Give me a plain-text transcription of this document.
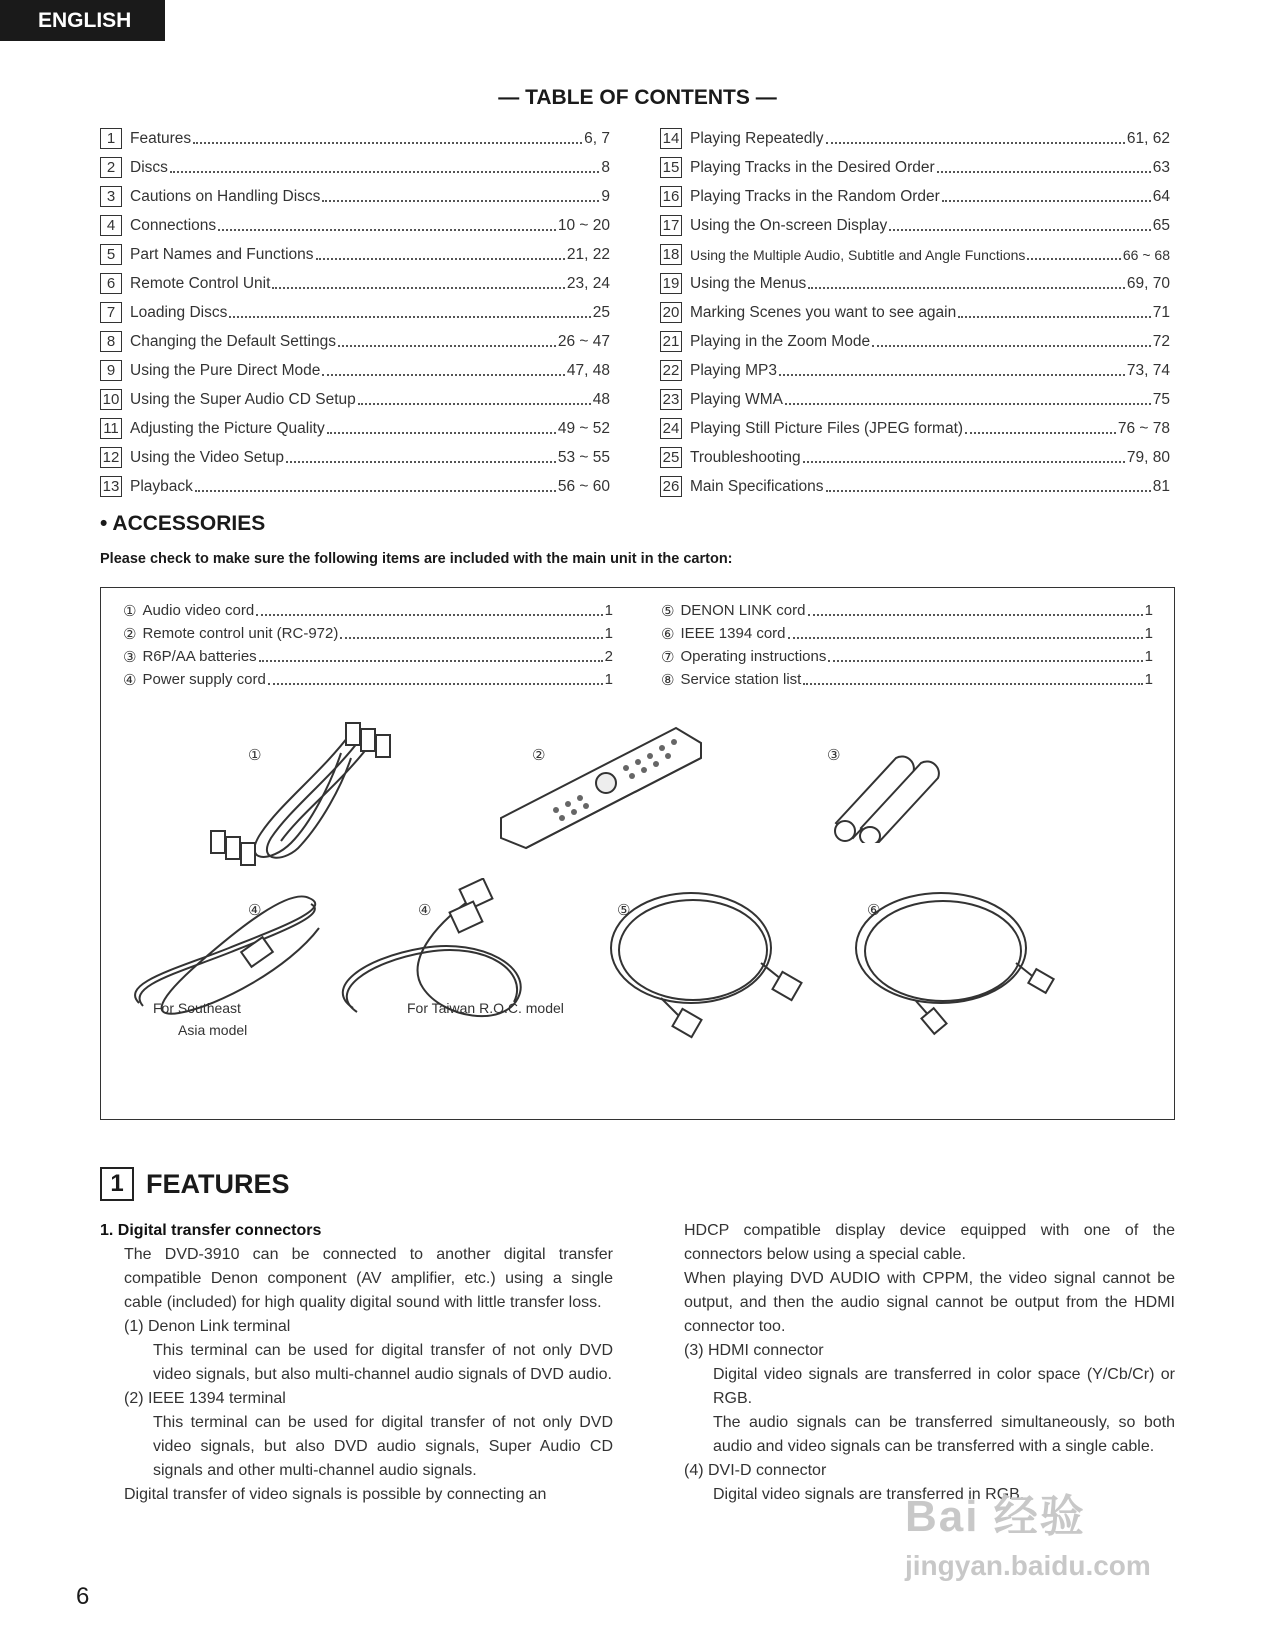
ENGLISH
— TABLE OF CONTENTS —
1 Features	6, 7
2 Discs	8
3 Cautions on Handling Discs	9
4 Connections	10 ~ 20
5 Part Names and Functions	21, 22
6 Remote Control Unit	23, 24
7 Loading Discs	25
8 Changing the Default Settings	26 ~ 47
9 Using the Pure Direct Mode	47, 48
10 Using the Super Audio CD Setup	48
11 Adjusting the Picture Quality	49 ~ 52
12 Using the Video Setup	53 ~ 55
13 Playback	56 ~ 60
14 Playing Repeatedly	61, 62
15 Playing Tracks in the Desired Order	63
16 Playing Tracks in the Random Order	64
17 Using the On-screen Display	65
18 Using the Multiple Audio, Subtitle and Angle Functions	66 ~ 68
19 Using the Menus	69, 70
20 Marking Scenes you want to see again	71
21 Playing in the Zoom Mode	72
22 Playing MP3	73, 74
23 Playing WMA	75
24 Playing Still Picture Files (JPEG format)	76 ~ 78
25 Troubleshooting	79, 80
26 Main Specifications	81
• ACCESSORIES
Please check to make sure the following items are included with the main unit in the carton:
① Audio video cord	1
② Remote control unit (RC-972)	1
③ R6P/AA batteries	2
④ Power supply cord	1
⑤ DENON LINK cord	1
⑥ IEEE 1394 cord	1
⑦ Operating instructions	1
⑧ Service station list	1
①	②	③
④	④	⑤	⑥
For Southeast
Asia model
For Taiwan R.O.C. model
1 FEATURES

1. Digital transfer connectors

The DVD-3910 can be connected to another digital transfer compatible Denon component (AV amplifier, etc.) using a single cable (included) for high quality digital sound with little transfer loss.

(1) Denon Link terminal

This terminal can be used for digital transfer of not only DVD video signals, but also multi-channel audio signals of DVD audio.

(2) IEEE 1394 terminal

This terminal can be used for digital transfer of not only DVD video signals, but also DVD audio signals, Super Audio CD signals and other multi-channel audio signals.

Digital transfer of video signals is possible by connecting an

HDCP compatible display device equipped with one of the connectors below using a special cable.

When playing DVD AUDIO with CPPM, the video signal cannot be output, and then the audio signal cannot be output from the HDMI connector too.

(3) HDMI connector

Digital video signals are transferred in color space (Y/Cb/Cr) or RGB.

The audio signals can be transferred simultaneously, so both audio and video signals can be transferred with a single cable.

(4) DVI-D connector

Digital video signals are transferred in RGB.

6
Bai 经验
jingyan.baidu.com
